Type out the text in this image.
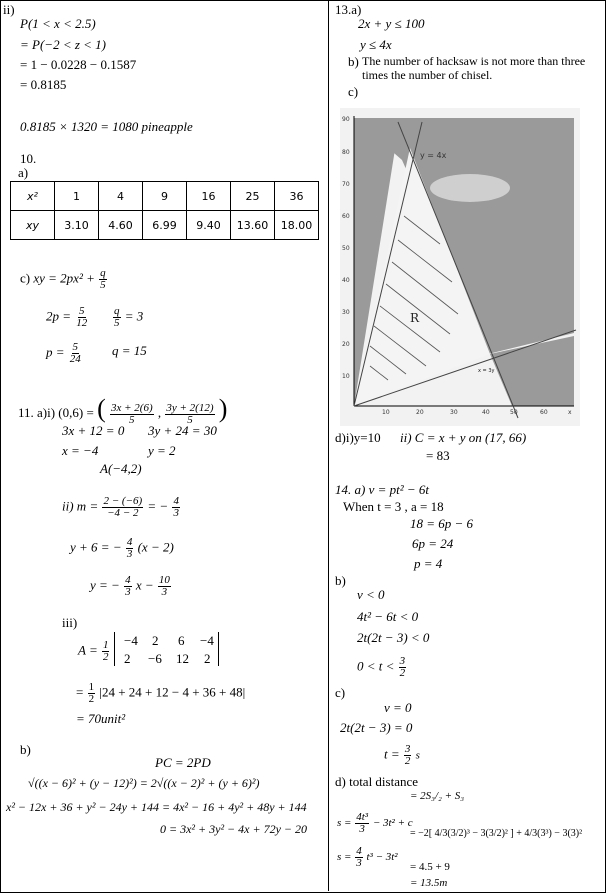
ii)
P(1 < x < 2.5)
= P(−2 < z < 1)
= 1 − 0.0228 − 0.1587
= 0.8185
0.8185 × 1320 = 1080 pineapple
10.
a)
x²	1	4	9	16	25	36
xy	3.10	4.60	6.99	9.40	13.60	18.00
c) xy = $2px^2 + \frac{q}{5}$
$2p = \frac{5}{12} \frac{q}{5} = 3$
$p = \frac{5}{24}$ q = 15
11. a)i) (0,6) = ( $\frac{3x + 2(6)}{5}$ , $\frac{3y + 2(12)}{5}$ )
3x + 12 = 0 3y + 24 = 30
x = −4	y = 2
A(−4,2)
ii) $m = \frac{2 - (-6)}{-4 - 2}$ = − $\frac{4}{3}$
y + 6 = − $\frac{4}{3} (x - 2)$
y = − $\frac{4}{3}$ $x - \frac{10}{3}$
iii)
$A = \frac{1}{2} -4$ 2 6 −4
2 −6 12 2
= $\frac{1}{2} |24 + 24 + 12 - 4 + 36 + 48|$
= 70unit²
b)
PC = 2PD
√((x − 6)² + (y − 12)²) = 2√((x − 2)² + (y + 6)²)
x² − 12x + 36 + y² − 24y + 144 = 4x² − 16 + 4y² + 48y + 144
0 = 3x² + 3y² − 4x + 72y − 20
13.a)
2x + y ≤ 100
y ≤ 4x
b) The number of hacksaw is not more than three
times the number of chisel.
c)
90
80
70
60
50
40
30
20
10
10	20	30	40	50	60	x
y = 4x
R
x = 3y
d)i)y=10 ii) C = x + y on (17, 66)
= 83
14. a) v = pt² − 6t
When t = 3 , a = 18
18 = 6p − 6
6p = 24
p = 4
b)
v < 0
4t² − 6t < 0
2t(2t − 3) < 0
$0 < t < \frac{3}{2}$
c)
v = 0
2t(2t − 3) = 0
$t = \frac{3}{2}$ s
d) total distance
= 2S₃/₂ + S₃
$s = \frac{\text{4t³}}{3} - 3t^2 + c$
$s = \frac{4}{3} t^3 - 3t^2$
= −2[ 4/3(3/2)³ − 3(3/2)² ] + 4/3(3³) − 3(3)²
= 4.5 + 9
= 13.5m
